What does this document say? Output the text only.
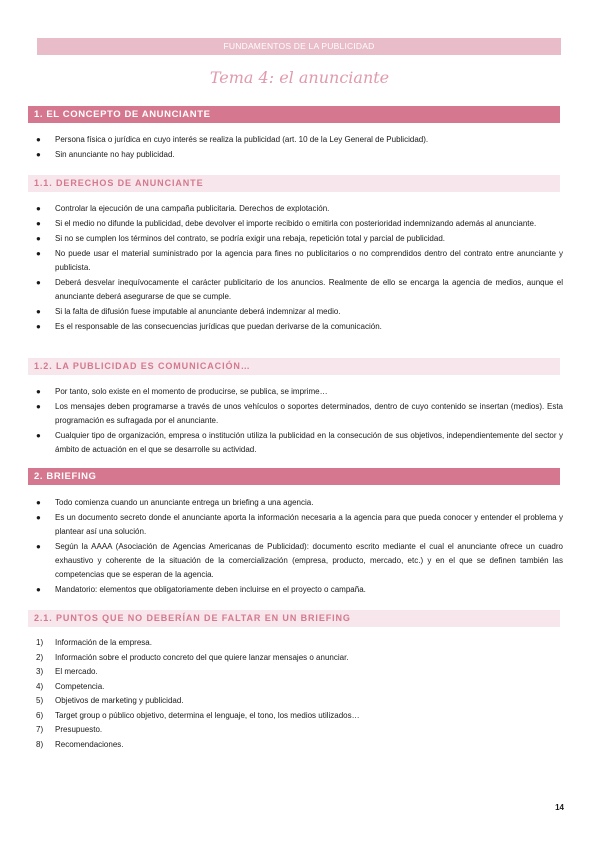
FUNDAMENTOS DE LA PUBLICIDAD
Tema 4: el anunciante
1. EL CONCEPTO DE ANUNCIANTE
● Persona física o jurídica en cuyo interés se realiza la publicidad (art. 10 de la Ley General de Publicidad).
● Sin anunciante no hay publicidad.
1.1. DERECHOS DE ANUNCIANTE
● Controlar la ejecución de una campaña publicitaria. Derechos de explotación.
● Si el medio no difunde la publicidad, debe devolver el importe recibido o emitirla con posterioridad indemnizando además al anunciante.
● Si no se cumplen los términos del contrato, se podría exigir una rebaja, repetición total y parcial de publicidad.
● No puede usar el material suministrado por la agencia para fines no publicitarios o no comprendidos dentro del contrato entre anunciante y publicista.
● Deberá desvelar inequívocamente el carácter publicitario de los anuncios. Realmente de ello se encarga la agencia de medios, aunque el anunciante deberá asegurarse de que se cumple.
● Si la falta de difusión fuese imputable al anunciante deberá indemnizar al medio.
● Es el responsable de las consecuencias jurídicas que puedan derivarse de la comunicación.
1.2. LA PUBLICIDAD ES COMUNICACIÓN…
● Por tanto, solo existe en el momento de producirse, se publica, se imprime…
● Los mensajes deben programarse a través de unos vehículos o soportes determinados, dentro de cuyo contenido se insertan (medios). Esta programación es sufragada por el anunciante.
● Cualquier tipo de organización, empresa o institución utiliza la publicidad en la consecución de sus objetivos, independientemente del sector y ámbito de actuación en el que se desarrolle su actividad.
2. BRIEFING
● Todo comienza cuando un anunciante entrega un briefing a una agencia.
● Es un documento secreto donde el anunciante aporta la información necesaria a la agencia para que pueda conocer y entender el problema y plantear así una solución.
● Según la AAAA (Asociación de Agencias Americanas de Publicidad): documento escrito mediante el cual el anunciante ofrece un cuadro exhaustivo y coherente de la situación de la comercialización (empresa, producto, mercado, etc.) y en el que se definen también las competencias que se esperan de la agencia.
● Mandatorio: elementos que obligatoriamente deben incluirse en el proyecto o campaña.
2.1. PUNTOS QUE NO DEBERÍAN DE FALTAR EN UN BRIEFING
1) Información de la empresa.
2) Información sobre el producto concreto del que quiere lanzar mensajes o anunciar.
3) El mercado.
4) Competencia.
5) Objetivos de marketing y publicidad.
6) Target group o público objetivo, determina el lenguaje, el tono, los medios utilizados…
7) Presupuesto.
8) Recomendaciones.
14
